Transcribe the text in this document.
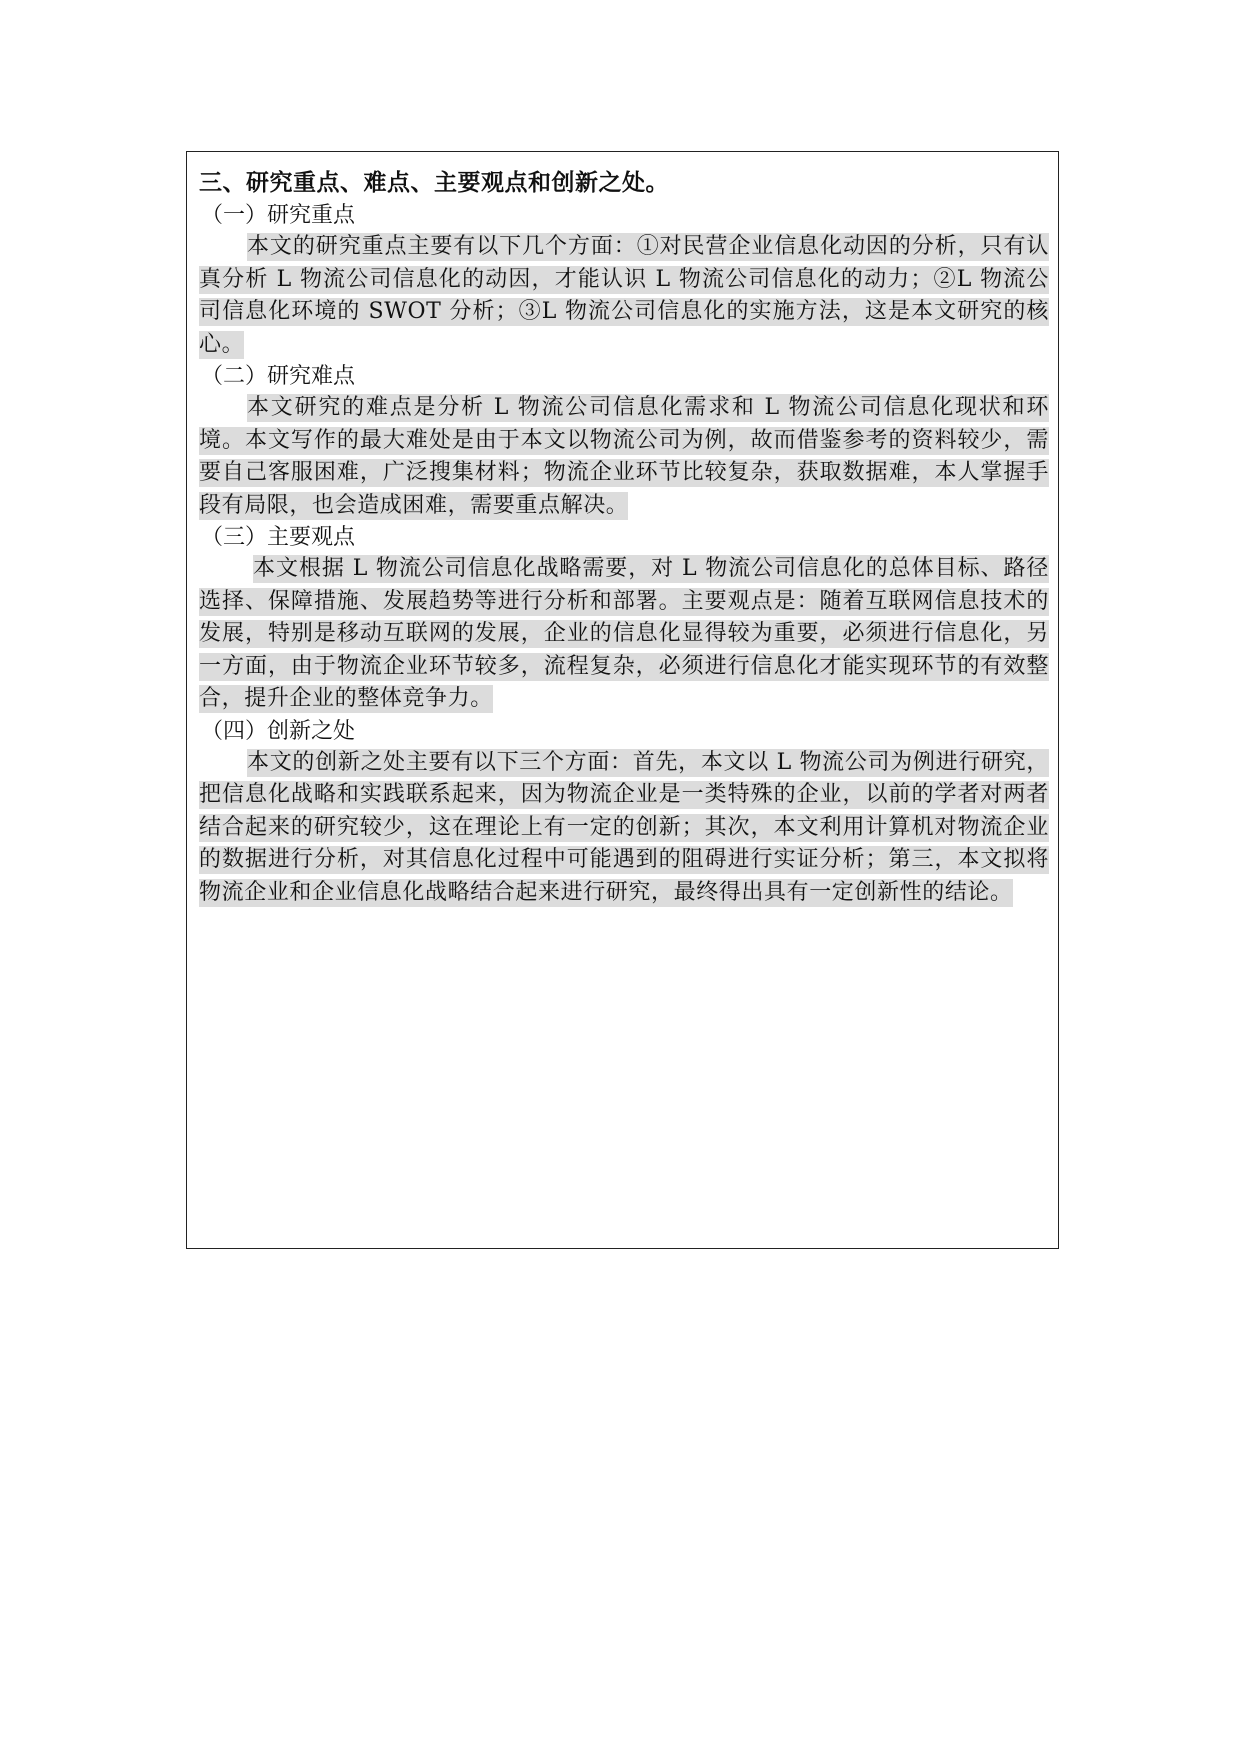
三、研究重点、难点、主要观点和创新之处。

（一）研究重点

本文的研究重点主要有以下几个方面：①对民营企业信息化动因的分析，只有认真分析 L 物流公司信息化的动因，才能认识 L 物流公司信息化的动力；②L 物流公司信息化环境的 SWOT 分析；③L 物流公司信息化的实施方法，这是本文研究的核心。

（二）研究难点

本文研究的难点是分析 L 物流公司信息化需求和 L 物流公司信息化现状和环境。本文写作的最大难处是由于本文以物流公司为例，故而借鉴参考的资料较少，需要自己客服困难，广泛搜集材料；物流企业环节比较复杂，获取数据难，本人掌握手段有局限，也会造成困难，需要重点解决。

（三）主要观点

本文根据 L 物流公司信息化战略需要，对 L 物流公司信息化的总体目标、路径选择、保障措施、发展趋势等进行分析和部署。主要观点是：随着互联网信息技术的发展，特别是移动互联网的发展，企业的信息化显得较为重要，必须进行信息化，另一方面，由于物流企业环节较多，流程复杂，必须进行信息化才能实现环节的有效整合，提升企业的整体竞争力。

（四）创新之处

本文的创新之处主要有以下三个方面：首先，本文以 L 物流公司为例进行研究，把信息化战略和实践联系起来，因为物流企业是一类特殊的企业，以前的学者对两者结合起来的研究较少，这在理论上有一定的创新；其次，本文利用计算机对物流企业的数据进行分析，对其信息化过程中可能遇到的阻碍进行实证分析；第三，本文拟将物流企业和企业信息化战略结合起来进行研究，最终得出具有一定创新性的结论。
